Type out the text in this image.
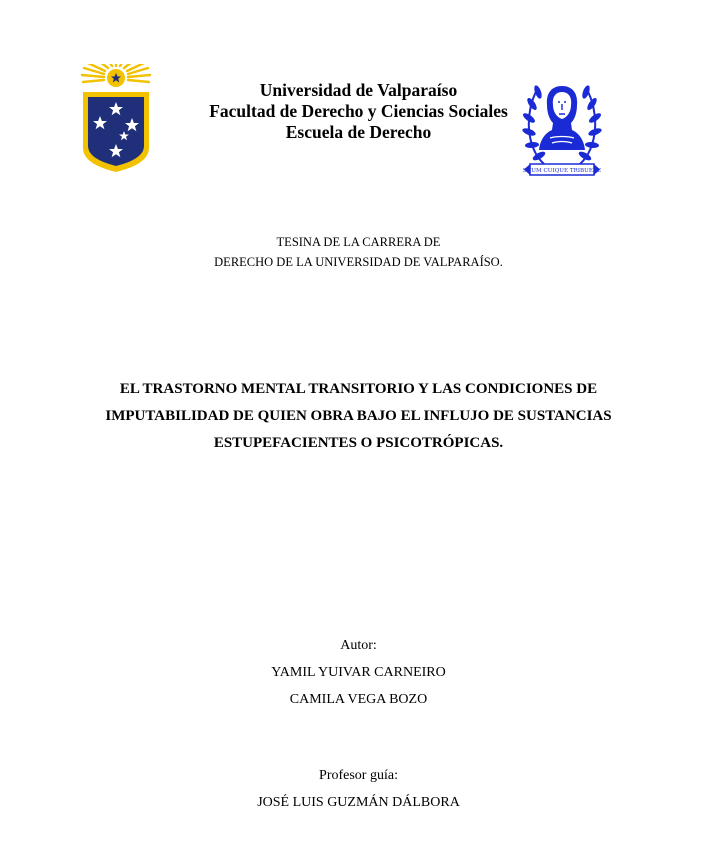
SUUM CUIQUE TRIBUERE
Universidad de Valparaíso
Facultad de Derecho y Ciencias Sociales
Escuela de Derecho
TESINA DE LA CARRERA DE
DERECHO DE LA UNIVERSIDAD DE VALPARAÍSO.
EL TRASTORNO MENTAL TRANSITORIO Y LAS CONDICIONES DE
IMPUTABILIDAD DE QUIEN OBRA BAJO EL INFLUJO DE SUSTANCIAS
ESTUPEFACIENTES O PSICOTRÓPICAS.
Autor:
YAMIL YUIVAR CARNEIRO
CAMILA VEGA BOZO
Profesor guía:
JOSÉ LUIS GUZMÁN DÁLBORA
